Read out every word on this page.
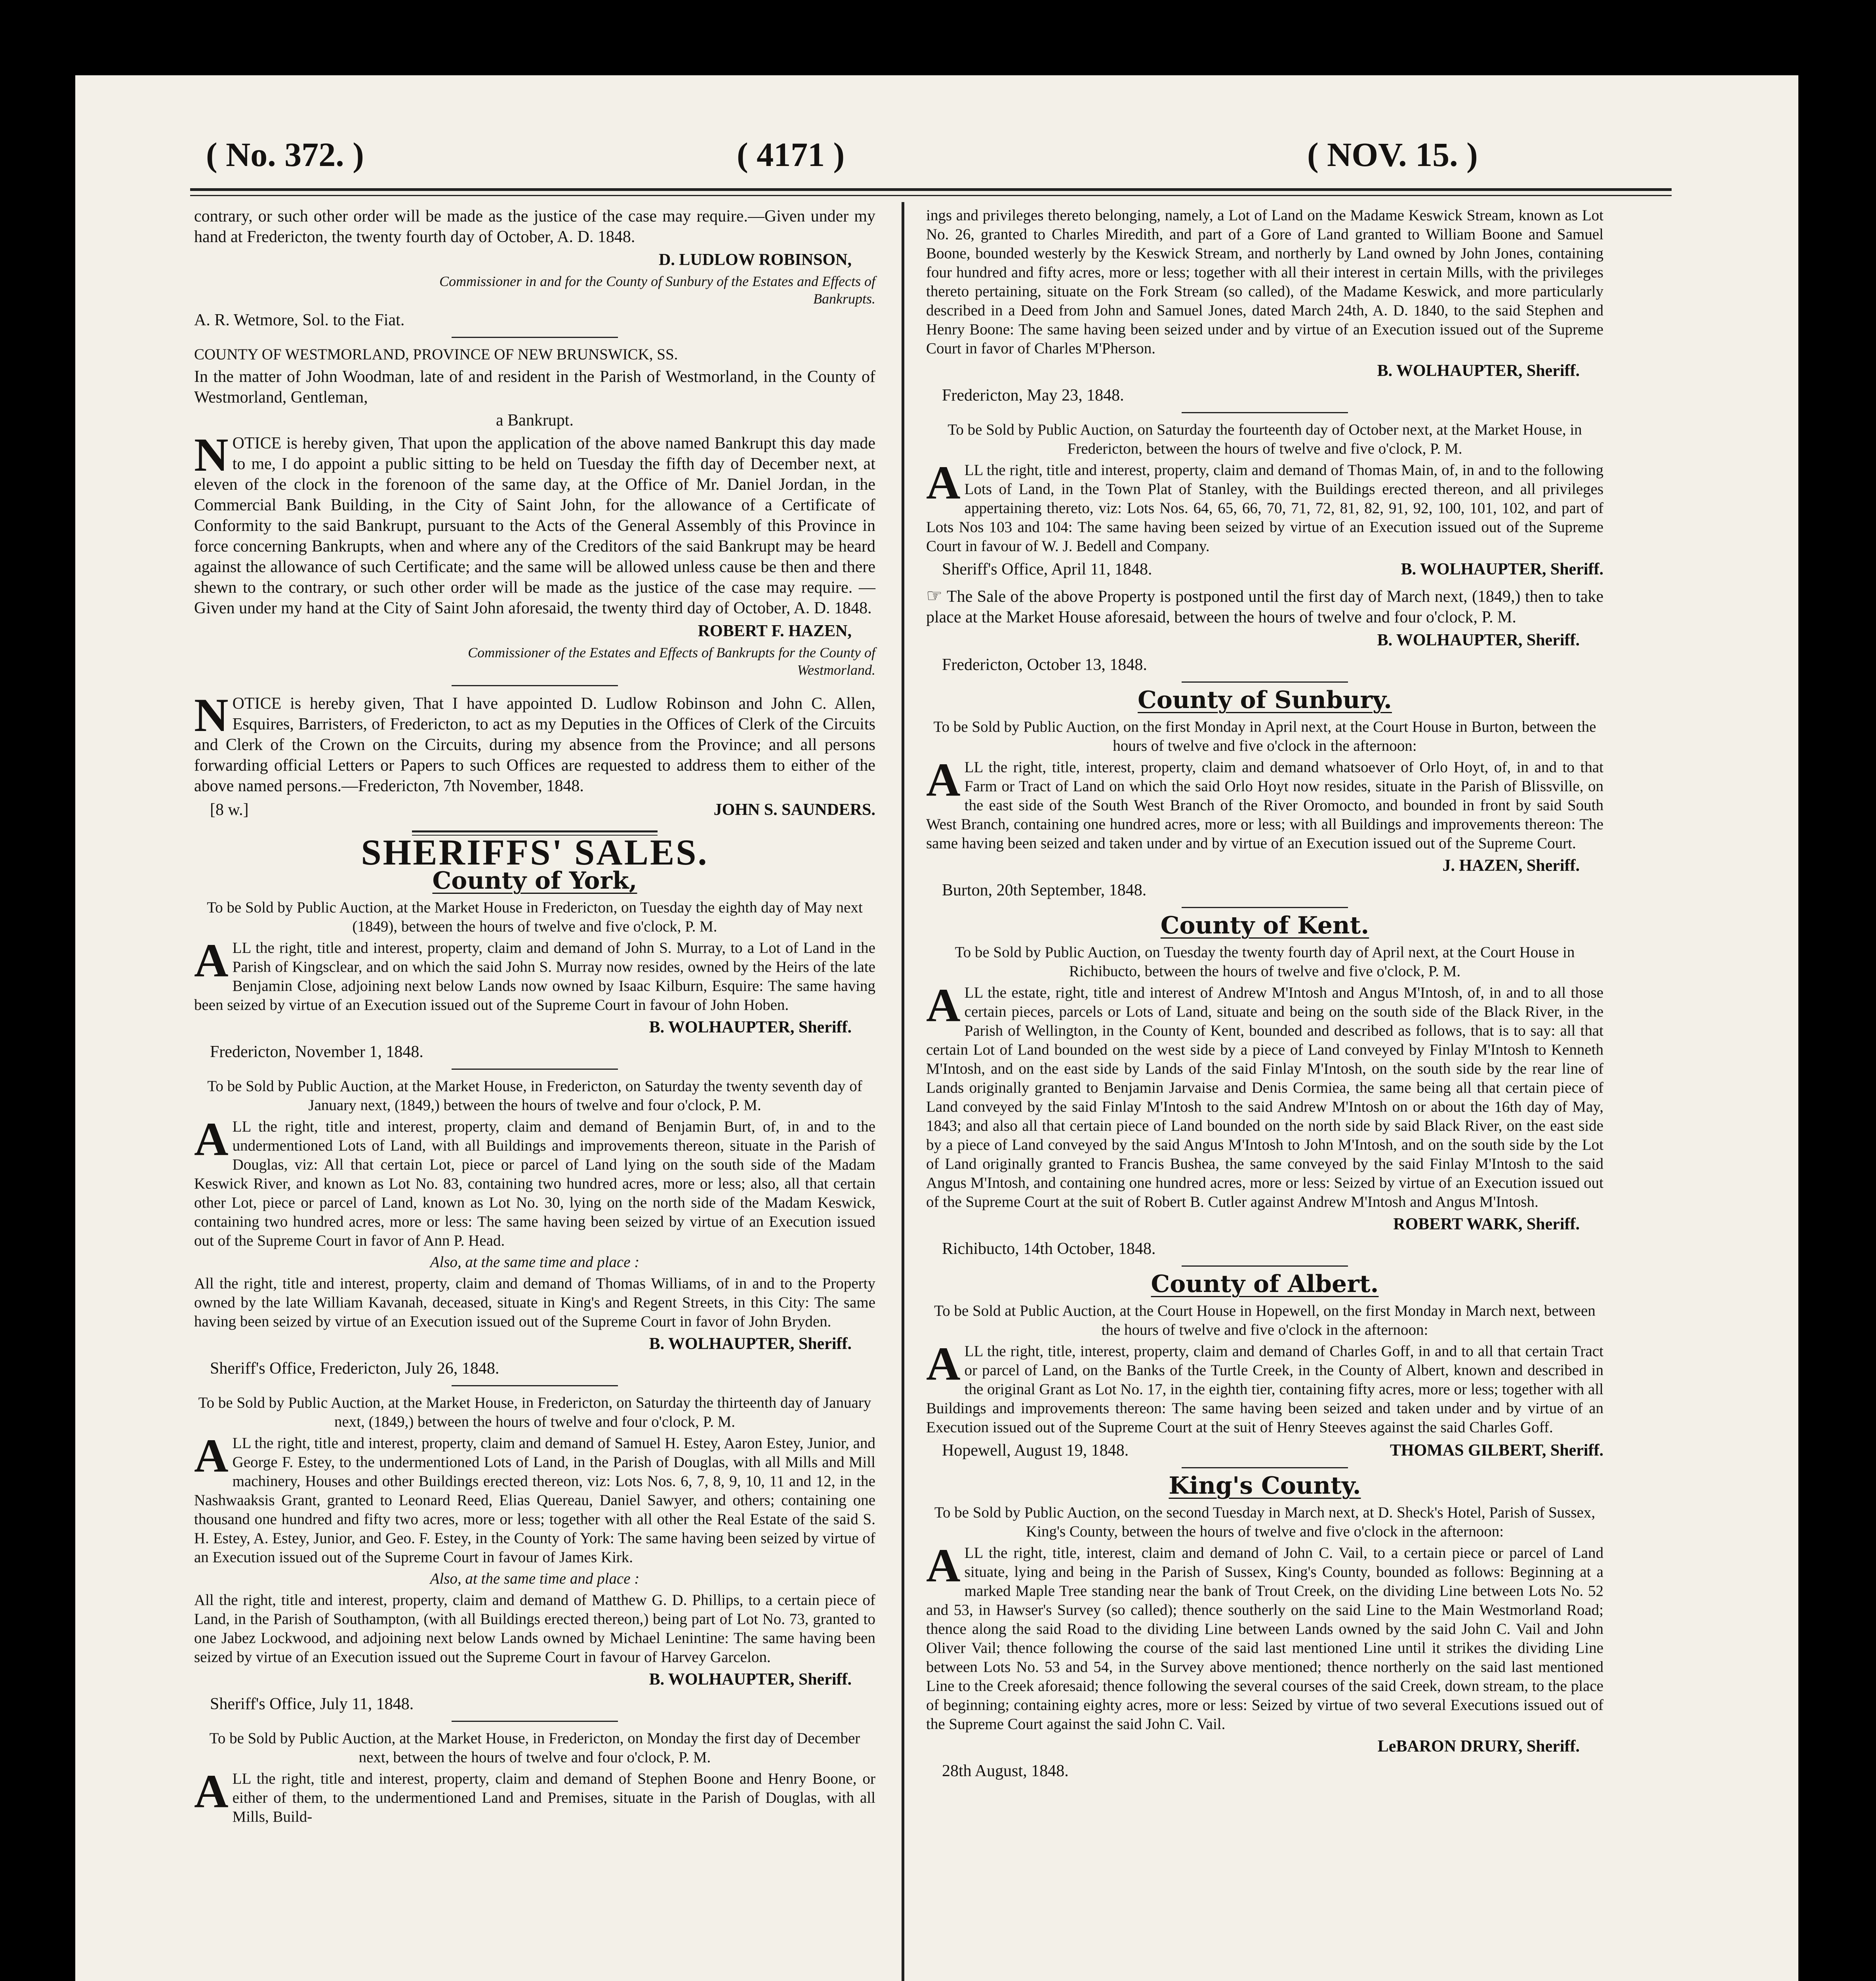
( No. 372. )	( 4171 )	( NOV. 15. )

contrary, or such other order will be made as the justice of the case may require.—Given under my hand at Fredericton, the twenty fourth day of October, A. D. 1848.

D. LUDLOW ROBINSON,

Commissioner in and for the County of Sunbury of the Estates and Effects of Bankrupts.

A. R. Wetmore, Sol. to the Fiat.

COUNTY OF WESTMORLAND, PROVINCE OF NEW BRUNSWICK, SS.

In the matter of John Woodman, late of and resident in the Parish of Westmorland, in the County of Westmorland, Gentleman,

a Bankrupt.

NOTICE is hereby given, That upon the application of the above named Bankrupt this day made to me, I do appoint a public sitting to be held on Tuesday the fifth day of December next, at eleven of the clock in the forenoon of the same day, at the Office of Mr. Daniel Jordan, in the Commercial Bank Building, in the City of Saint John, for the allowance of a Certificate of Conformity to the said Bankrupt, pursuant to the Acts of the General Assembly of this Province in force concerning Bankrupts, when and where any of the Creditors of the said Bankrupt may be heard against the allowance of such Certificate; and the same will be allowed unless cause be then and there shewn to the contrary, or such other order will be made as the justice of the case may require. —Given under my hand at the City of Saint John aforesaid, the twenty third day of October, A. D. 1848.

ROBERT F. HAZEN,

Commissioner of the Estates and Effects of Bankrupts for the County of Westmorland.

NOTICE is hereby given, That I have appointed D. Ludlow Robinson and John C. Allen, Esquires, Barristers, of Fredericton, to act as my Deputies in the Offices of Clerk of the Circuits and Clerk of the Crown on the Circuits, during my absence from the Province; and all persons forwarding official Letters or Papers to such Offices are requested to address them to either of the above named persons.—Fredericton, 7th November, 1848.

[8 w.]	JOHN S. SAUNDERS.
SHERIFFS' SALES.
County of York,

To be Sold by Public Auction, at the Market House in Fredericton, on Tuesday the eighth day of May next (1849), between the hours of twelve and five o'clock, P. M.

ALL the right, title and interest, property, claim and demand of John S. Murray, to a Lot of Land in the Parish of Kingsclear, and on which the said John S. Murray now resides, owned by the Heirs of the late Benjamin Close, adjoining next below Lands now owned by Isaac Kilburn, Esquire: The same having been seized by virtue of an Execution issued out of the Supreme Court in favour of John Hoben.

B. WOLHAUPTER, Sheriff.

Fredericton, November 1, 1848.

To be Sold by Public Auction, at the Market House, in Fredericton, on Saturday the twenty seventh day of January next, (1849,) between the hours of twelve and four o'clock, P. M.

ALL the right, title and interest, property, claim and demand of Benjamin Burt, of, in and to the undermentioned Lots of Land, with all Buildings and improvements thereon, situate in the Parish of Douglas, viz: All that certain Lot, piece or parcel of Land lying on the south side of the Madam Keswick River, and known as Lot No. 83, containing two hundred acres, more or less; also, all that certain other Lot, piece or parcel of Land, known as Lot No. 30, lying on the north side of the Madam Keswick, containing two hundred acres, more or less: The same having been seized by virtue of an Execution issued out of the Supreme Court in favor of Ann P. Head.

Also, at the same time and place :

All the right, title and interest, property, claim and demand of Thomas Williams, of in and to the Property owned by the late William Kavanah, deceased, situate in King's and Regent Streets, in this City: The same having been seized by virtue of an Execution issued out of the Supreme Court in favor of John Bryden.

B. WOLHAUPTER, Sheriff.

Sheriff's Office, Fredericton, July 26, 1848.

To be Sold by Public Auction, at the Market House, in Fredericton, on Saturday the thirteenth day of January next, (1849,) between the hours of twelve and four o'clock, P. M.

ALL the right, title and interest, property, claim and demand of Samuel H. Estey, Aaron Estey, Junior, and George F. Estey, to the undermentioned Lots of Land, in the Parish of Douglas, with all Mills and Mill machinery, Houses and other Buildings erected thereon, viz: Lots Nos. 6, 7, 8, 9, 10, 11 and 12, in the Nashwaaksis Grant, granted to Leonard Reed, Elias Quereau, Daniel Sawyer, and others; containing one thousand one hundred and fifty two acres, more or less; together with all other the Real Estate of the said S. H. Estey, A. Estey, Junior, and Geo. F. Estey, in the County of York: The same having been seized by virtue of an Execution issued out of the Supreme Court in favour of James Kirk.

Also, at the same time and place :

All the right, title and interest, property, claim and demand of Matthew G. D. Phillips, to a certain piece of Land, in the Parish of Southampton, (with all Buildings erected thereon,) being part of Lot No. 73, granted to one Jabez Lockwood, and adjoining next below Lands owned by Michael Lenintine: The same having been seized by virtue of an Execution issued out the Supreme Court in favour of Harvey Garcelon.

B. WOLHAUPTER, Sheriff.

Sheriff's Office, July 11, 1848.

To be Sold by Public Auction, at the Market House, in Fredericton, on Monday the first day of December next, between the hours of twelve and four o'clock, P. M.

ALL the right, title and interest, property, claim and demand of Stephen Boone and Henry Boone, or either of them, to the undermentioned Land and Premises, situate in the Parish of Douglas, with all Mills, Build-

ings and privileges thereto belonging, namely, a Lot of Land on the Madame Keswick Stream, known as Lot No. 26, granted to Charles Miredith, and part of a Gore of Land granted to William Boone and Samuel Boone, bounded westerly by the Keswick Stream, and northerly by Land owned by John Jones, containing four hundred and fifty acres, more or less; together with all their interest in certain Mills, with the privileges thereto pertaining, situate on the Fork Stream (so called), of the Madame Keswick, and more particularly described in a Deed from John and Samuel Jones, dated March 24th, A. D. 1840, to the said Stephen and Henry Boone: The same having been seized under and by virtue of an Execution issued out of the Supreme Court in favor of Charles M'Pherson.

B. WOLHAUPTER, Sheriff.

Fredericton, May 23, 1848.

To be Sold by Public Auction, on Saturday the fourteenth day of October next, at the Market House, in Fredericton, between the hours of twelve and five o'clock, P. M.

ALL the right, title and interest, property, claim and demand of Thomas Main, of, in and to the following Lots of Land, in the Town Plat of Stanley, with the Buildings erected thereon, and all privileges appertaining thereto, viz: Lots Nos. 64, 65, 66, 70, 71, 72, 81, 82, 91, 92, 100, 101, 102, and part of Lots Nos 103 and 104: The same having been seized by virtue of an Execution issued out of the Supreme Court in favour of W. J. Bedell and Company.

Sheriff's Office, April 11, 1848.	B. WOLHAUPTER, Sheriff.

☞ The Sale of the above Property is postponed until the first day of March next, (1849,) then to take place at the Market House aforesaid, between the hours of twelve and four o'clock, P. M.

B. WOLHAUPTER, Sheriff.

Fredericton, October 13, 1848.

County of Sunbury.

To be Sold by Public Auction, on the first Monday in April next, at the Court House in Burton, between the hours of twelve and five o'clock in the afternoon:

ALL the right, title, interest, property, claim and demand whatsoever of Orlo Hoyt, of, in and to that Farm or Tract of Land on which the said Orlo Hoyt now resides, situate in the Parish of Blissville, on the east side of the South West Branch of the River Oromocto, and bounded in front by said South West Branch, containing one hundred acres, more or less; with all Buildings and improvements thereon: The same having been seized and taken under and by virtue of an Execution issued out of the Supreme Court.

J. HAZEN, Sheriff.

Burton, 20th September, 1848.

County of Kent.

To be Sold by Public Auction, on Tuesday the twenty fourth day of April next, at the Court House in Richibucto, between the hours of twelve and five o'clock, P. M.

ALL the estate, right, title and interest of Andrew M'Intosh and Angus M'Intosh, of, in and to all those certain pieces, parcels or Lots of Land, situate and being on the south side of the Black River, in the Parish of Wellington, in the County of Kent, bounded and described as follows, that is to say: all that certain Lot of Land bounded on the west side by a piece of Land conveyed by Finlay M'Intosh to Kenneth M'Intosh, and on the east side by Lands of the said Finlay M'Intosh, on the south side by the rear line of Lands originally granted to Benjamin Jarvaise and Denis Cormiea, the same being all that certain piece of Land conveyed by the said Finlay M'Intosh to the said Andrew M'Intosh on or about the 16th day of May, 1843; and also all that certain piece of Land bounded on the north side by said Black River, on the east side by a piece of Land conveyed by the said Angus M'Intosh to John M'Intosh, and on the south side by the Lot of Land originally granted to Francis Bushea, the same conveyed by the said Finlay M'Intosh to the said Angus M'Intosh, and containing one hundred acres, more or less: Seized by virtue of an Execution issued out of the Supreme Court at the suit of Robert B. Cutler against Andrew M'Intosh and Angus M'Intosh.

ROBERT WARK, Sheriff.

Richibucto, 14th October, 1848.

County of Albert.

To be Sold at Public Auction, at the Court House in Hopewell, on the first Monday in March next, between the hours of twelve and five o'clock in the afternoon:

ALL the right, title, interest, property, claim and demand of Charles Goff, in and to all that certain Tract or parcel of Land, on the Banks of the Turtle Creek, in the County of Albert, known and described in the original Grant as Lot No. 17, in the eighth tier, containing fifty acres, more or less; together with all Buildings and improvements thereon: The same having been seized and taken under and by virtue of an Execution issued out of the Supreme Court at the suit of Henry Steeves against the said Charles Goff.

Hopewell, August 19, 1848.	THOMAS GILBERT, Sheriff.
King's County.

To be Sold by Public Auction, on the second Tuesday in March next, at D. Sheck's Hotel, Parish of Sussex, King's County, between the hours of twelve and five o'clock in the afternoon:

ALL the right, title, interest, claim and demand of John C. Vail, to a certain piece or parcel of Land situate, lying and being in the Parish of Sussex, King's County, bounded as follows: Beginning at a marked Maple Tree standing near the bank of Trout Creek, on the dividing Line between Lots No. 52 and 53, in Hawser's Survey (so called); thence southerly on the said Line to the Main Westmorland Road; thence along the said Road to the dividing Line between Lands owned by the said John C. Vail and John Oliver Vail; thence following the course of the said last mentioned Line until it strikes the dividing Line between Lots No. 53 and 54, in the Survey above mentioned; thence northerly on the said last mentioned Line to the Creek aforesaid; thence following the several courses of the said Creek, down stream, to the place of beginning; containing eighty acres, more or less: Seized by virtue of two several Executions issued out of the Supreme Court against the said John C. Vail.

LeBARON DRURY, Sheriff.

28th August, 1848.
